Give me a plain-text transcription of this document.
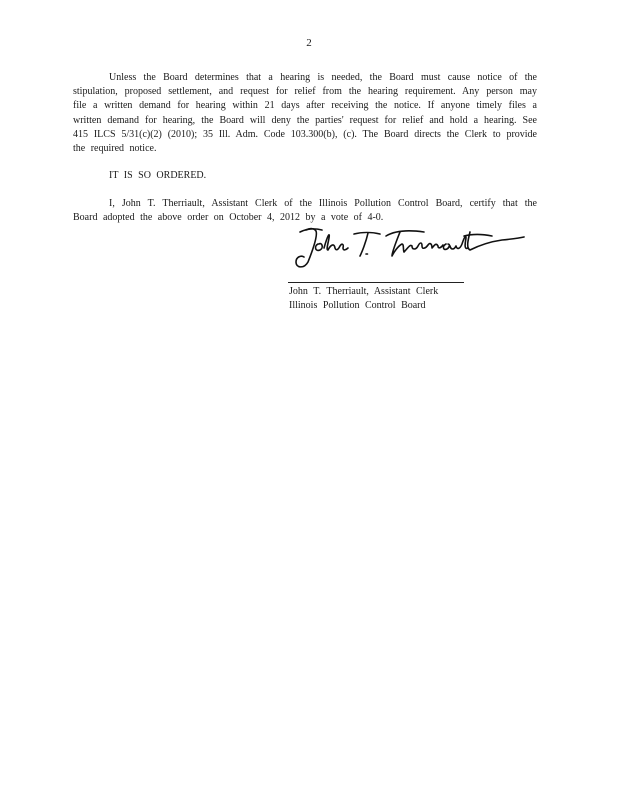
2

Unless the Board determines that a hearing is needed, the Board must cause notice of the stipulation, proposed settlement, and request for relief from the hearing requirement. Any person may file a written demand for hearing within 21 days after receiving the notice. If anyone timely files a written demand for hearing, the Board will deny the parties' request for relief and hold a hearing. See 415 ILCS 5/31(c)(2) (2010); 35 Ill. Adm. Code 103.300(b), (c). The Board directs the Clerk to provide the required notice.

IT IS SO ORDERED.

I, John T. Therriault, Assistant Clerk of the Illinois Pollution Control Board, certify that the Board adopted the above order on October 4, 2012 by a vote of 4-0.

John T. Therriault, Assistant Clerk
Illinois Pollution Control Board
